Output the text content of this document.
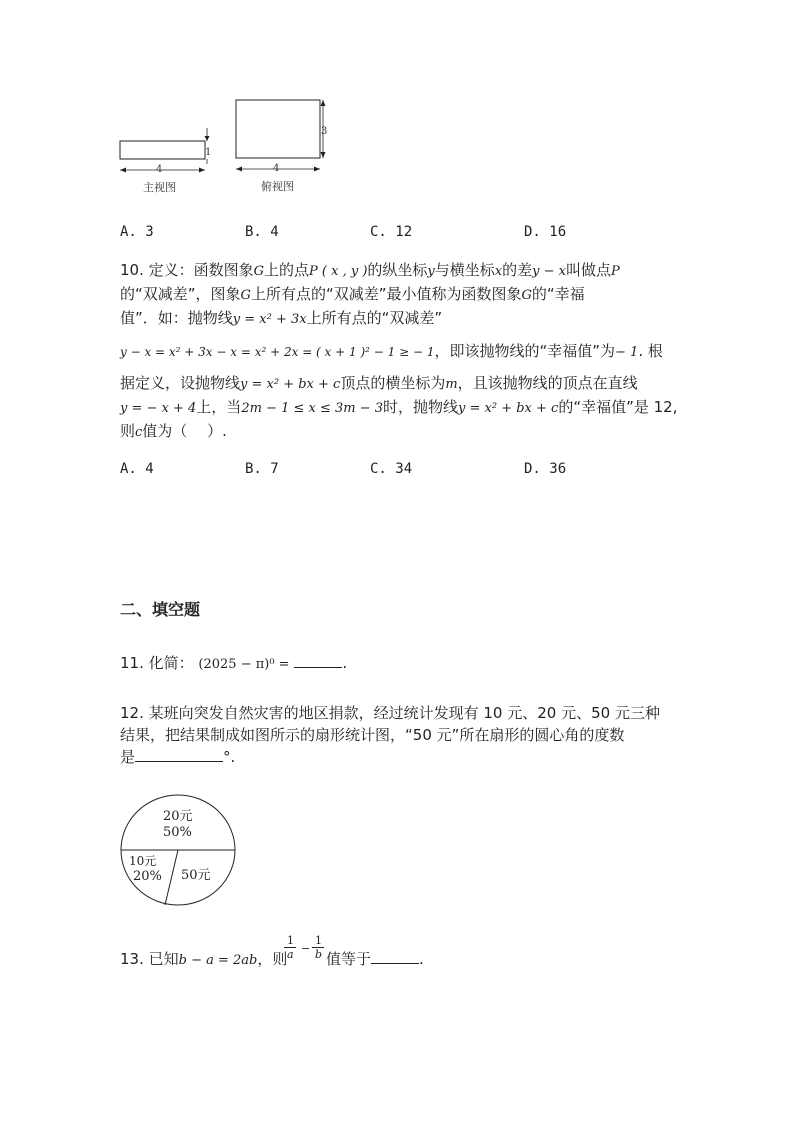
1
4
主视图
3
4
俯视图
A. 3	B. 4	C. 12	D. 16
10. 定义：函数图象G上的点P ( x , y )的纵坐标y与横坐标x的差y − x叫做点P
的“双减差”，图象G上所有点的“双减差”最小值称为函数图象G的“幸福
值”．如：抛物线y = x² + 3x上所有点的“双减差”
y − x = x² + 3x − x = x² + 2x = ( x + 1 )² − 1 ≥ − 1，即该抛物线的“幸福值”为− 1. 根
据定义，设抛物线y = x² + bx + c顶点的横坐标为m，且该抛物线的顶点在直线
y = − x + 4上，当2m − 1 ≤ x ≤ 3m − 3时，抛物线y = x² + bx + c的“幸福值”是 12,
则c值为（　 ）.
A. 4	B. 7	C. 34	D. 36
二、填空题
11. 化简： (2025 − π)⁰ =	.
12. 某班向突发自然灾害的地区捐款，经过统计发现有 10 元、20 元、50 元三种
结果，把结果制成如图所示的扇形统计图，“50 元”所在扇形的圆心角的度数
是	°.
20元
50%
10元
20% 50元
13. 已知b − a = 2ab，则
1
a −
1
b 值等于	.
